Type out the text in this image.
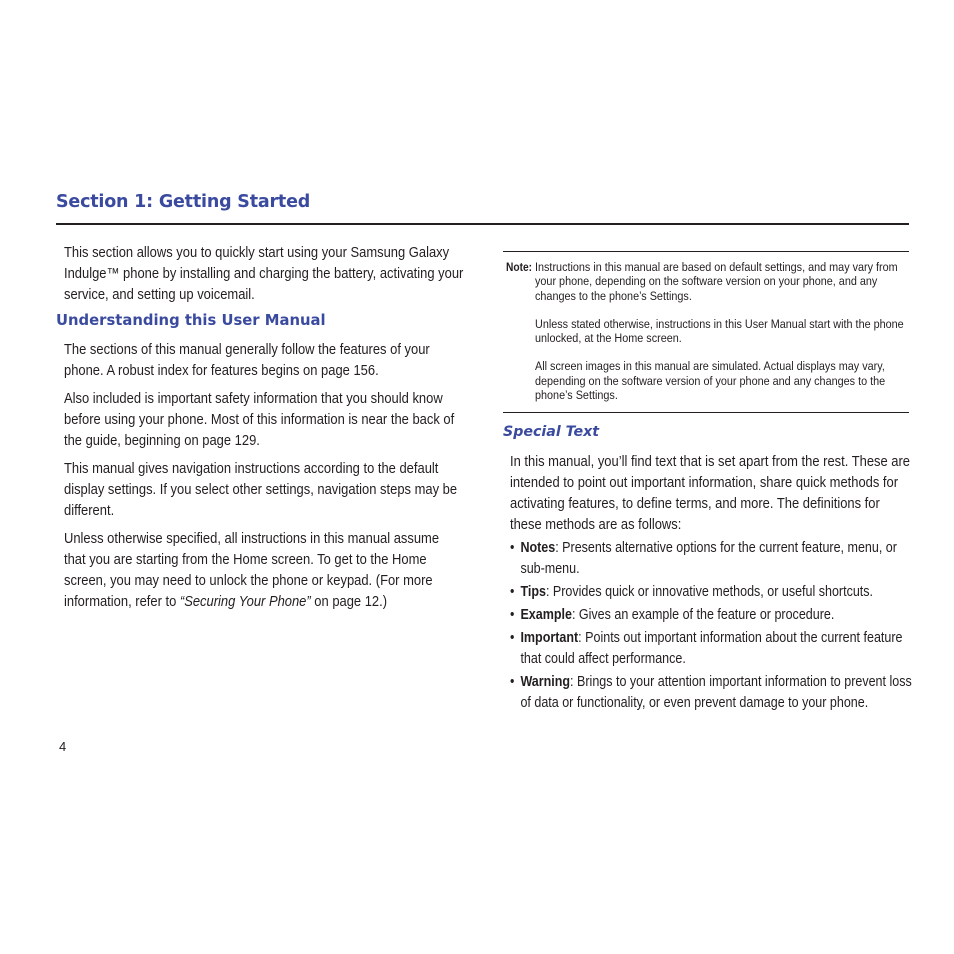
Section 1: Getting Started

This section allows you to quickly start using your Samsung Galaxy Indulge™ phone by installing and charging the battery, activating your service, and setting up voicemail.

The sections of this manual generally follow the features of your phone. A robust index for features begins on page 156.

Also included is important safety information that you should know before using your phone. Most of this information is near the back of the guide, beginning on page 129.

This manual gives navigation instructions according to the default display settings. If you select other settings, navigation steps may be different.

Unless otherwise specified, all instructions in this manual assume that you are starting from the Home screen. To get to the Home screen, you may need to unlock the phone or keypad. (For more information, refer to “Securing Your Phone” on page 12.)

Understanding this User Manual
Note: Instructions in this manual are based on default settings, and may vary from your phone, depending on the software version on your phone, and any changes to the phone’s Settings.

Unless stated otherwise, instructions in this User Manual start with the phone unlocked, at the Home screen.

All screen images in this manual are simulated. Actual displays may vary, depending on the software version of your phone and any changes to the phone’s Settings.

Special Text

In this manual, you’ll find text that is set apart from the rest. These are intended to point out important information, share quick methods for activating features, to define terms, and more. The definitions for these methods are as follows:

• Notes: Presents alternative options for the current feature, menu, or sub-menu.
• Tips: Provides quick or innovative methods, or useful shortcuts.
• Example: Gives an example of the feature or procedure.
• Important: Points out important information about the current feature that could affect performance.
• Warning: Brings to your attention important information to prevent loss of data or functionality, or even prevent damage to your phone.
4
